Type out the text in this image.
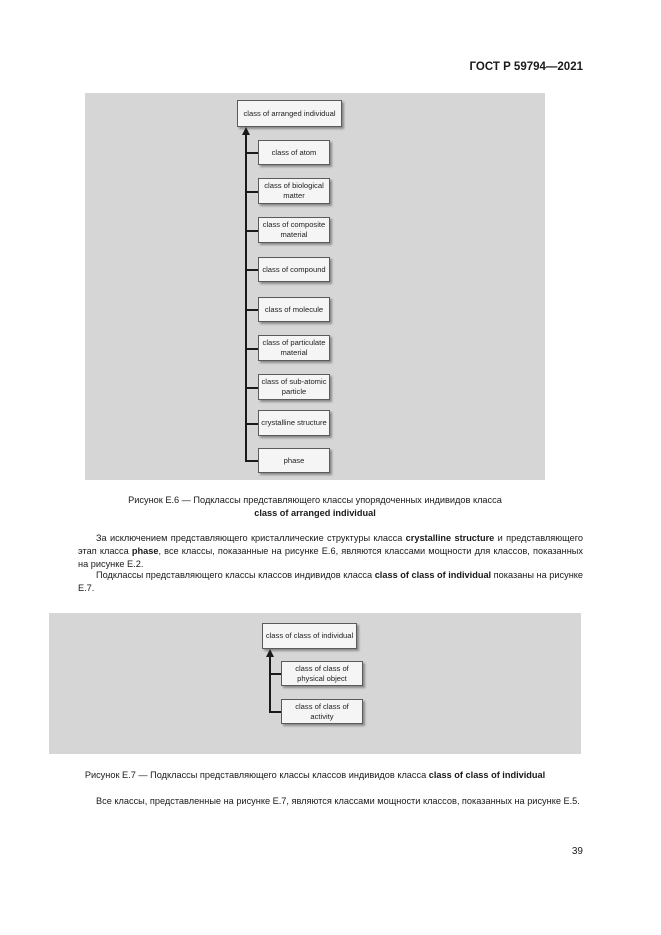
ГОСТ Р 59794—2021
class of arranged individual
class of atom
class of biological matter
class of composite material
class of compound
class of molecule
class of particulate material
class of sub-atomic particle
crystalline structure
phase
Рисунок E.6 — Подклассы представляющего классы упорядоченных индивидов класса
class of arranged individual
За исключением представляющего кристаллические структуры класса crystalline structure и представляющего этап класса phase, все классы, показанные на рисунке E.6, являются классами мощности для классов, показанных на рисунке E.2.
Подклассы представляющего классы классов индивидов класса class of class of individual показаны на рисунке E.7.
class of class of individual
class of class of physical object
class of class of activity
Рисунок E.7 — Подклассы представляющего классы классов индивидов класса class of class of individual
Все классы, представленные на рисунке E.7, являются классами мощности классов, показанных на рисунке E.5.
39
